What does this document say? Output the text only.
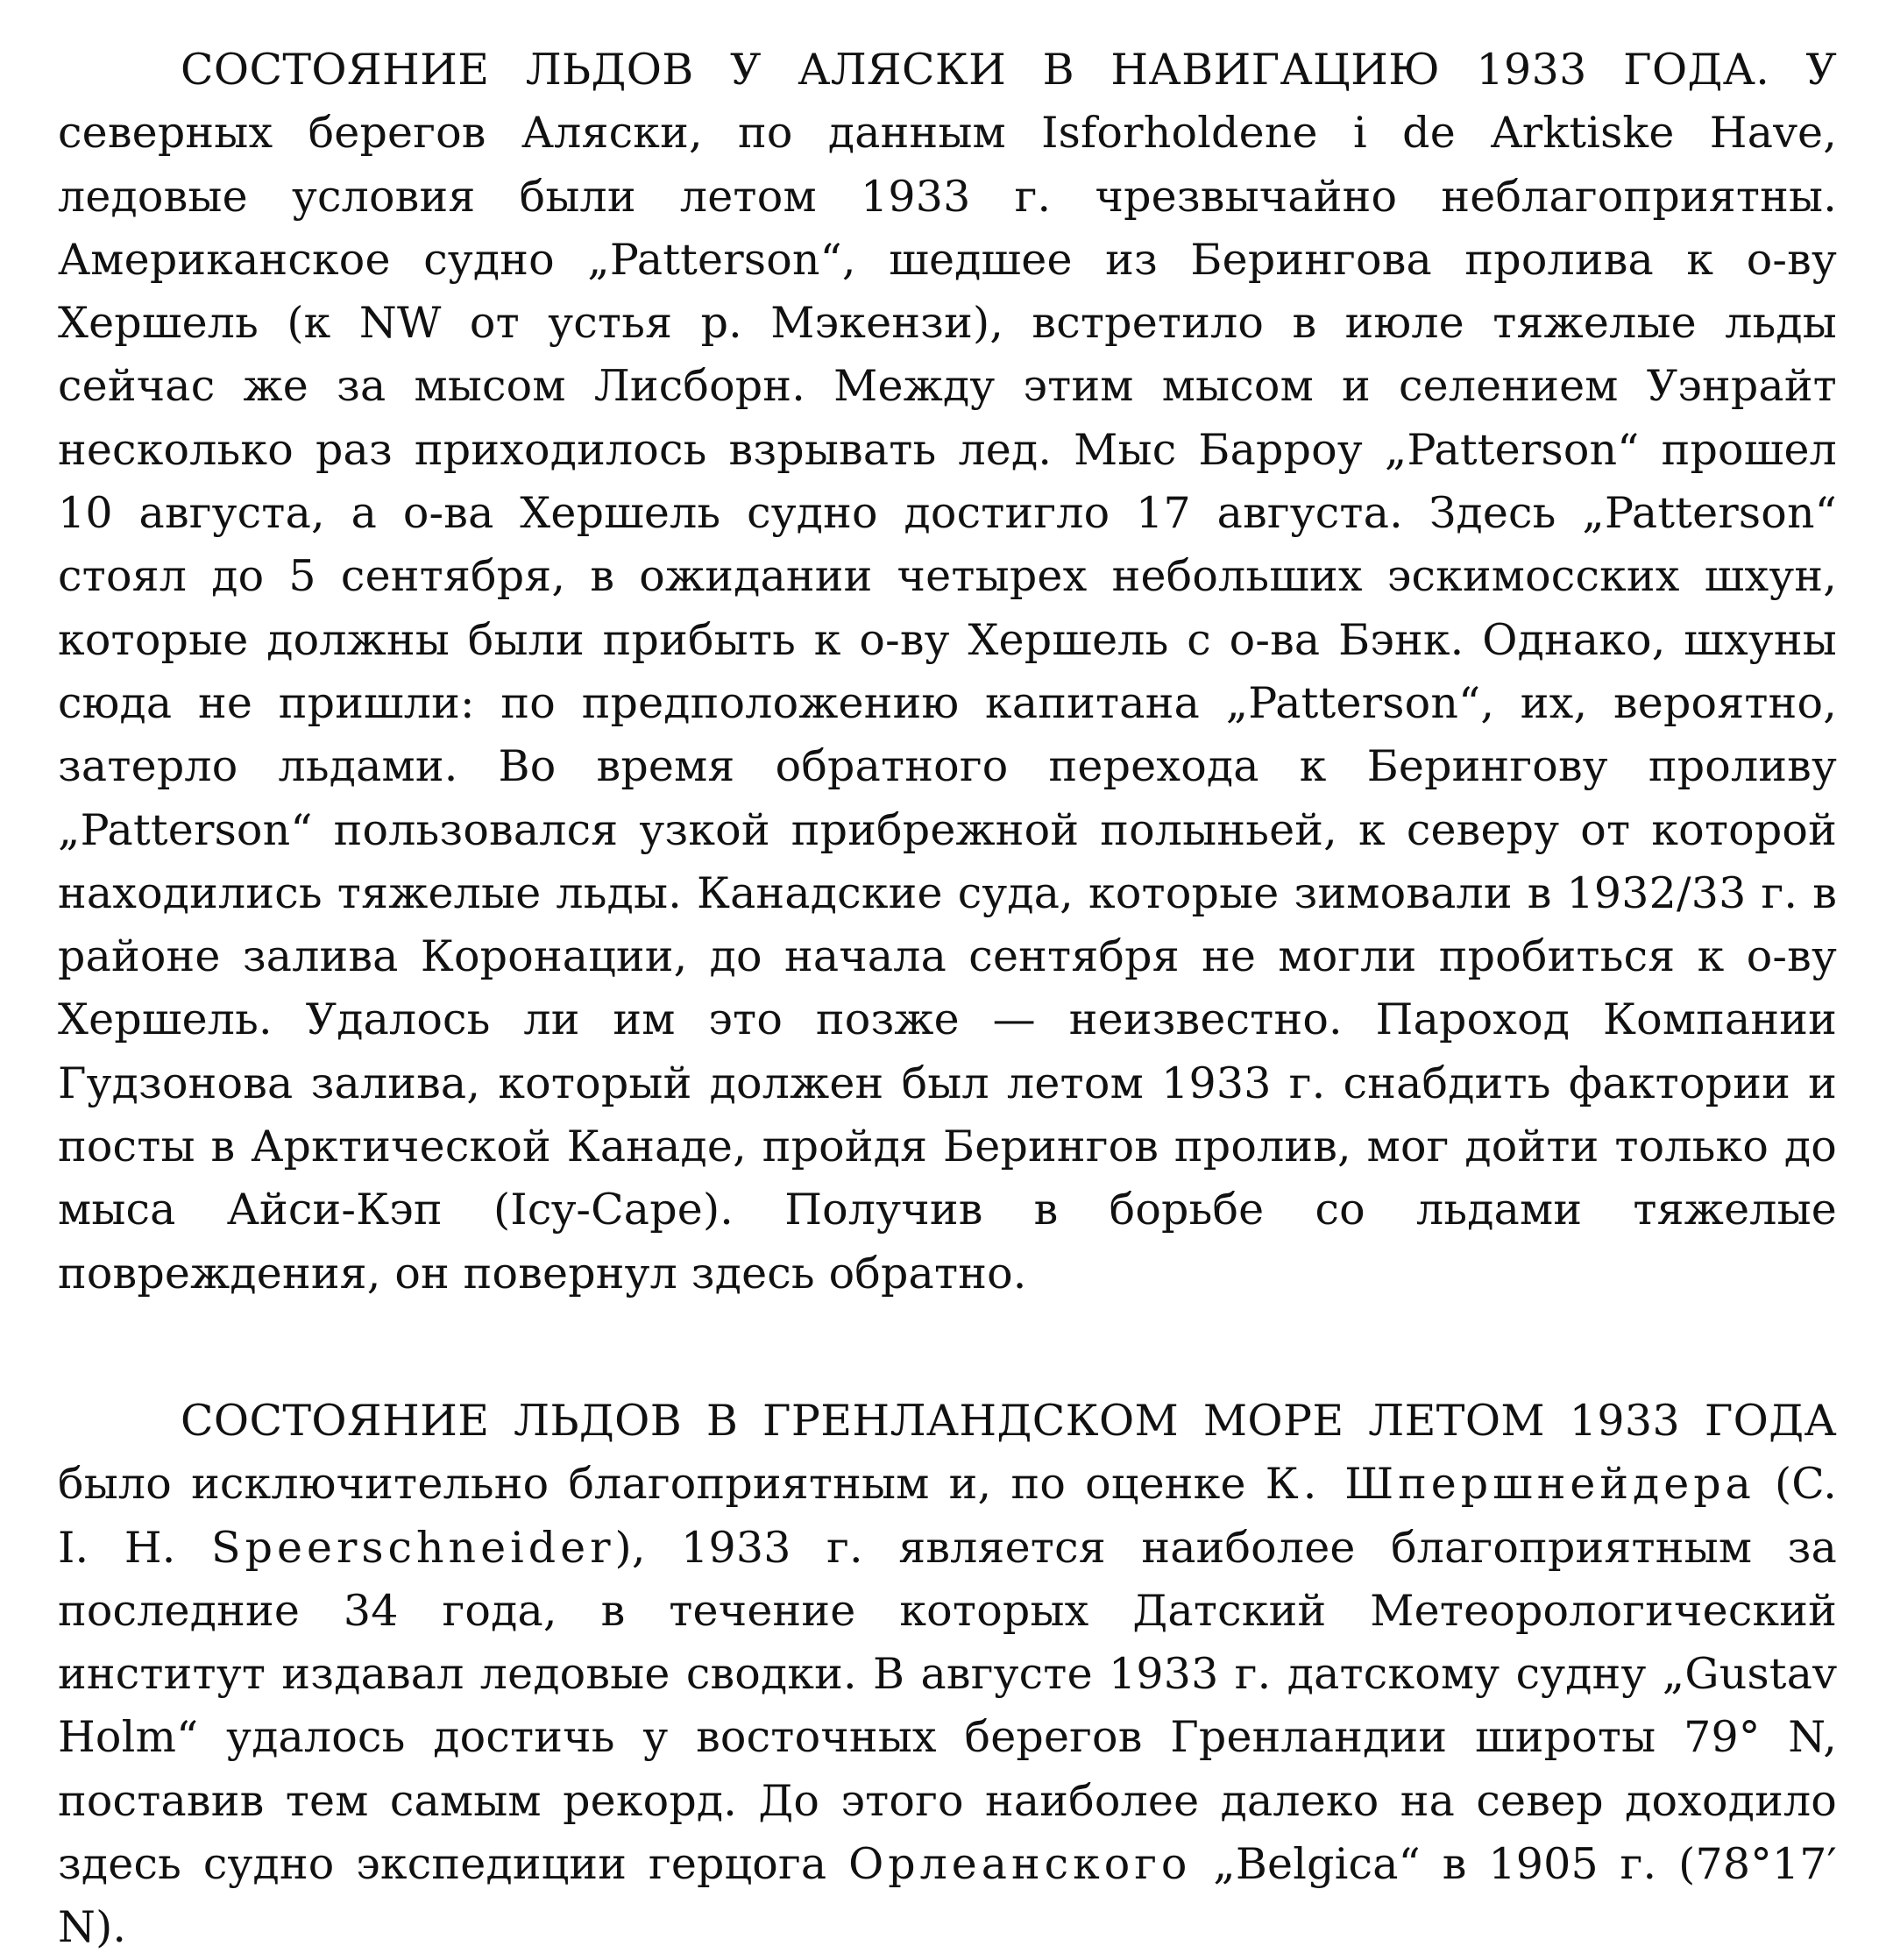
СОСТОЯНИЕ ЛЬДОВ У АЛЯСКИ В НАВИГАЦИЮ 1933 ГОДА. У северных берегов Аляски, по данным Isforholdene i de Arktiske Have, ледовые условия были летом 1933 г. чрезвычайно неблагоприятны. Американское судно „Patterson“, шедшее из Берингова пролива к о-ву Хершель (к NW от устья р. Мэкензи), встретило в июле тяжелые льды сейчас же за мысом Лисборн. Между этим мысом и селением Уэнрайт несколько раз приходилось взрывать лед. Мыс Барроу „Patterson“ прошел 10 августа, а о-ва Хершель судно достигло 17 августа. Здесь „Patterson“ стоял до 5 сентября, в ожидании четырех небольших эскимосских шхун, которые должны были прибыть к о-ву Хершель с о-ва Бэнк. Однако, шхуны сюда не пришли: по предположению капитана „Patterson“, их, вероятно, затерло льдами. Во время обратного перехода к Берингову проливу „Patterson“ пользовался узкой прибрежной полыньей, к северу от которой находились тяжелые льды. Канадские суда, которые зимовали в 1932/33 г. в районе залива Коронации, до начала сентября не могли пробиться к о-ву Хершель. Удалось ли им это позже — неизвестно. Пароход Компании Гудзонова залива, который должен был летом 1933 г. снабдить фактории и посты в Арктической Канаде, пройдя Берингов пролив, мог дойти только до мыса Айси-Кэп (Icy-Cape). Получив в борьбе со льдами тяжелые повреждения, он повернул здесь обратно.

СОСТОЯНИЕ ЛЬДОВ В ГРЕНЛАНДСКОМ МОРЕ ЛЕТОМ 1933 ГОДА было исключительно благоприятным и, по оценке К. Шпершнейдера (C. I. H. Speerschneider), 1933 г. является наиболее благоприятным за последние 34 года, в течение которых Датский Метеорологический институт издавал ледовые сводки. В августе 1933 г. датскому судну „Gustav Holm“ удалось достичь у восточных берегов Гренландии широты 79° N, поставив тем самым рекорд. До этого наиболее далеко на север доходило здесь судно экспедиции герцога Орлеанского „Belgica“ в 1905 г. (78°17′ N).
